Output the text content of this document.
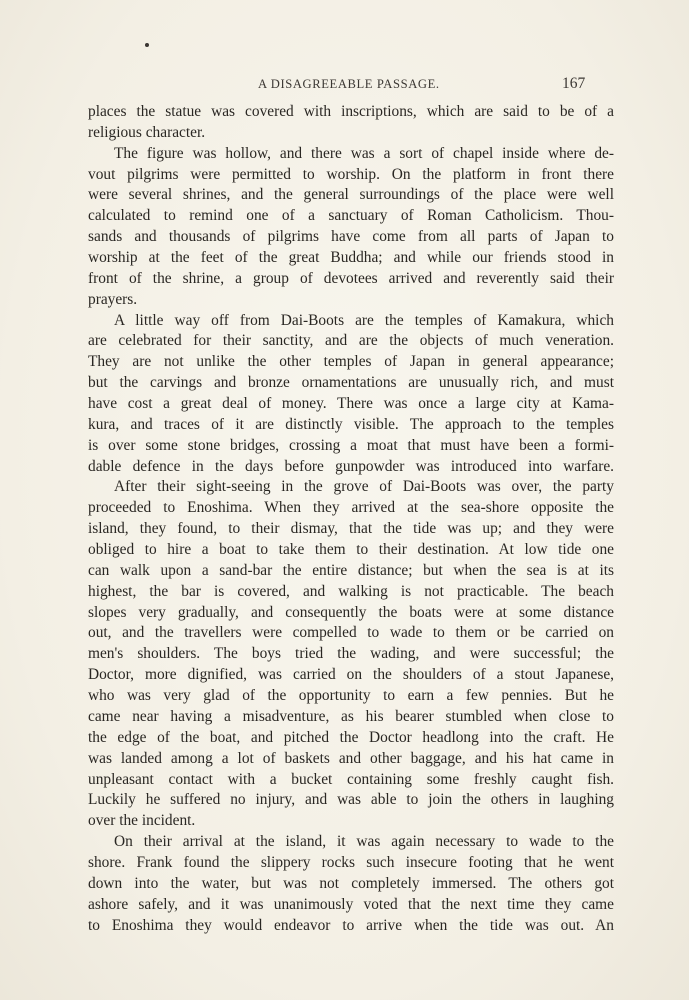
A DISAGREEABLE PASSAGE.	167
places the statue was covered with inscriptions, which are said to be of a
religious character.
The figure was hollow, and there was a sort of chapel inside where de-
vout pilgrims were permitted to worship. On the platform in front there
were several shrines, and the general surroundings of the place were well
calculated to remind one of a sanctuary of Roman Catholicism. Thou-
sands and thousands of pilgrims have come from all parts of Japan to
worship at the feet of the great Buddha; and while our friends stood in
front of the shrine, a group of devotees arrived and reverently said their
prayers.
A little way off from Dai-Boots are the temples of Kamakura, which
are celebrated for their sanctity, and are the objects of much veneration.
They are not unlike the other temples of Japan in general appearance;
but the carvings and bronze ornamentations are unusually rich, and must
have cost a great deal of money. There was once a large city at Kama-
kura, and traces of it are distinctly visible. The approach to the temples
is over some stone bridges, crossing a moat that must have been a formi-
dable defence in the days before gunpowder was introduced into warfare.
After their sight-seeing in the grove of Dai-Boots was over, the party
proceeded to Enoshima. When they arrived at the sea-shore opposite the
island, they found, to their dismay, that the tide was up; and they were
obliged to hire a boat to take them to their destination. At low tide one
can walk upon a sand-bar the entire distance; but when the sea is at its
highest, the bar is covered, and walking is not practicable. The beach
slopes very gradually, and consequently the boats were at some distance
out, and the travellers were compelled to wade to them or be carried on
men's shoulders. The boys tried the wading, and were successful; the
Doctor, more dignified, was carried on the shoulders of a stout Japanese,
who was very glad of the opportunity to earn a few pennies. But he
came near having a misadventure, as his bearer stumbled when close to
the edge of the boat, and pitched the Doctor headlong into the craft. He
was landed among a lot of baskets and other baggage, and his hat came in
unpleasant contact with a bucket containing some freshly caught fish.
Luckily he suffered no injury, and was able to join the others in laughing
over the incident.
On their arrival at the island, it was again necessary to wade to the
shore. Frank found the slippery rocks such insecure footing that he went
down into the water, but was not completely immersed. The others got
ashore safely, and it was unanimously voted that the next time they came
to Enoshima they would endeavor to arrive when the tide was out. An
